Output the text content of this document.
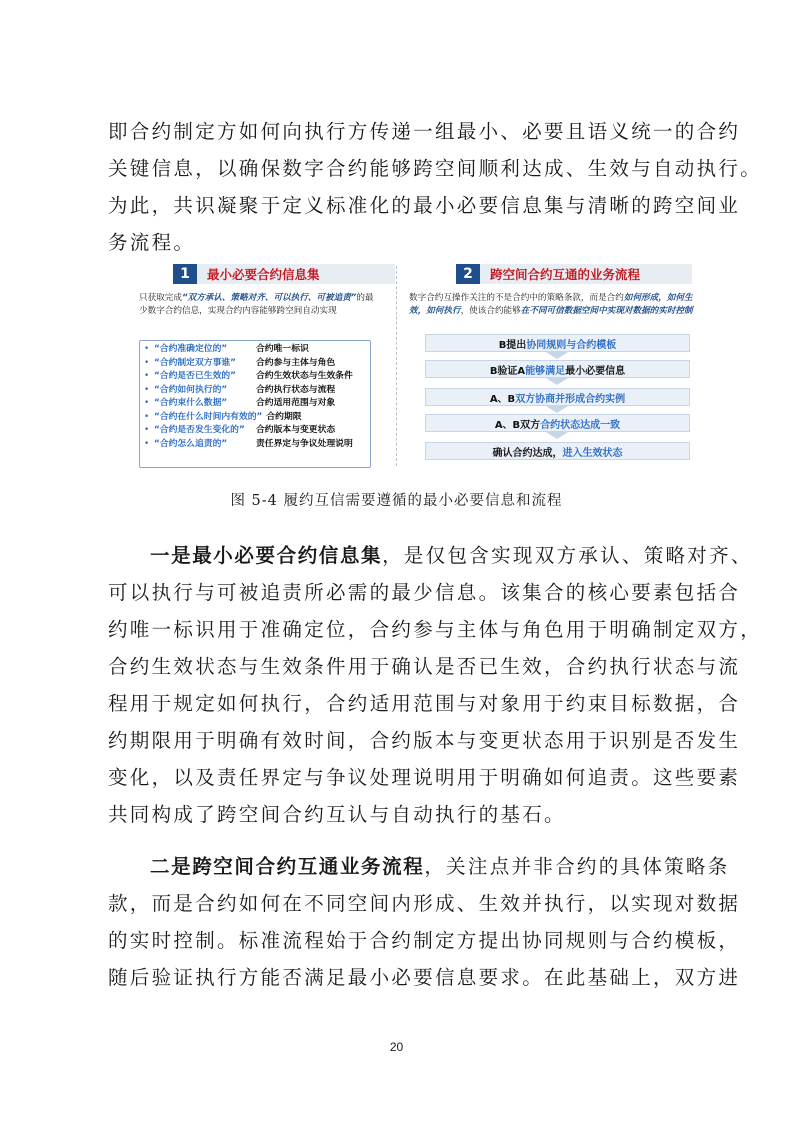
即合约制定方如何向执行方传递一组最小、必要且语义统一的合约
关键信息，以确保数字合约能够跨空间顺利达成、生效与自动执行。
为此，共识凝聚于定义标准化的最小必要信息集与清晰的跨空间业
务流程。
1	最小必要合约信息集
只获取完成“双方承认、策略对齐、可以执行、可被追责”的最少数字合约信息，实现合约内容能够跨空间自动实现
• “合约准确定位的”	合约唯一标识
• “合约制定双方事谁”	合约参与主体与角色
• “合约是否已生效的”	合约生效状态与生效条件
• “合约如何执行的”	合约执行状态与流程
• “合约束什么数据”	合约适用范围与对象
• “合约在什么时间内有效的” 合约期限
• “合约是否发生变化的”	合约版本与变更状态
• “合约怎么追责的”	责任界定与争议处理说明
2	跨空间合约互通的业务流程
数字合约互操作关注的不是合约中的策略条款，而是合约如何形成，如何生效，如何执行，使该合约能够在不同可信数据空间中实现对数据的实时控制
B提出 协同规则与合约模板
B验证A 能够满足 最小必要信息
A、B 双方协商并形成合约实例
A、B双方 合约状态达成一致
确认合约达成， 进入生效状态
图 5-4 履约互信需要遵循的最小必要信息和流程
一是最小必要合约信息集，是仅包含实现双方承认、策略对齐、
可以执行与可被追责所必需的最少信息。该集合的核心要素包括合
约唯一标识用于准确定位，合约参与主体与角色用于明确制定双方，
合约生效状态与生效条件用于确认是否已生效，合约执行状态与流
程用于规定如何执行，合约适用范围与对象用于约束目标数据，合
约期限用于明确有效时间，合约版本与变更状态用于识别是否发生
变化，以及责任界定与争议处理说明用于明确如何追责。这些要素
共同构成了跨空间合约互认与自动执行的基石。
二是跨空间合约互通业务流程，关注点并非合约的具体策略条
款，而是合约如何在不同空间内形成、生效并执行，以实现对数据
的实时控制。标准流程始于合约制定方提出协同规则与合约模板，
随后验证执行方能否满足最小必要信息要求。在此基础上，双方进
20
